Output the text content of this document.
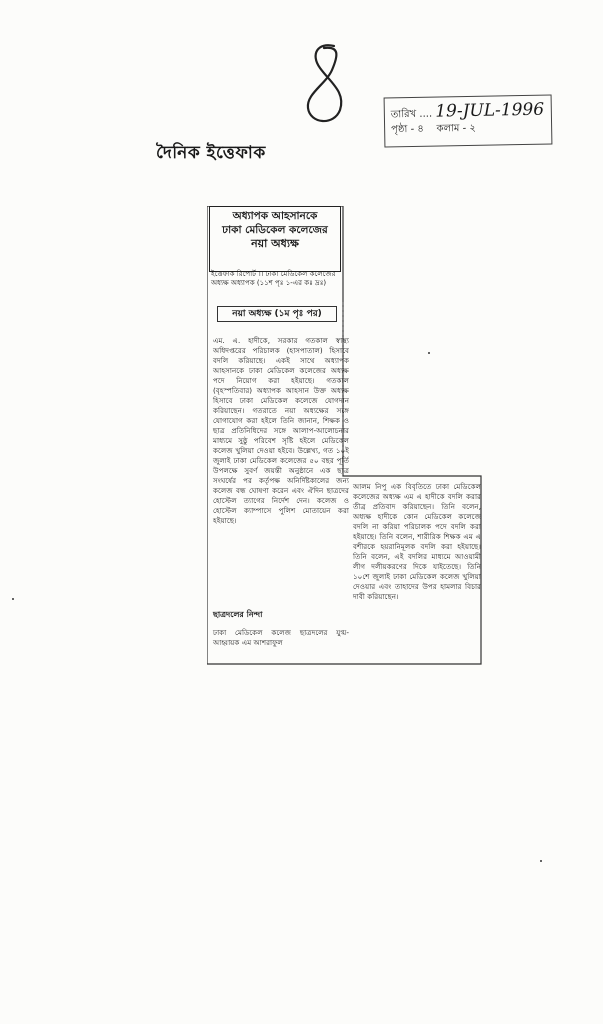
তারিখ .... 19-JUL-1996
পৃষ্ঠা - ৪ কলাম - ২
দৈনিক ইত্তেফাক
অধ্যাপক আহসানকে
ঢাকা মেডিকেল কলেজের
নয়া অধ্যক্ষ
ইত্তেফাক রিপোর্ট ।। ঢাকা মেডিকেল কলেজের অধ্যক্ষ অধ্যাপক (১১শ পৃঃ ১-এর কঃ দ্রঃ)
নয়া অধ্যক্ষ (১ম পৃঃ পর)

এম. এ. হাদীকে, সরকার গতকাল স্বাস্থ্য অধিদপ্তরের পরিচালক (হাসপাতাল) হিসাবে বদলি করিয়াছে। একই সাথে অধ্যাপক আহসানকে ঢাকা মেডিকেল কলেজের অধ্যক্ষ পদে নিয়োগ করা হইয়াছে। গতকাল (বৃহস্পতিবার) অধ্যাপক আহসান উক্ত অধ্যক্ষ হিসাবে ঢাকা মেডিকেল কলেজে যোগদান করিয়াছেন। গতরাতে নয়া অধ্যক্ষের সঙ্গে যোগাযোগ করা হইলে তিনি জানান, শিক্ষক ও ছাত্র প্রতিনিধিদের সঙ্গে আলাপ-আলোচনার মাধ্যমে সুষ্ঠু পরিবেশ সৃষ্টি হইলে মেডিকেল কলেজ খুলিয়া দেওয়া হইবে। উল্লেখ্য, গত ১০ই জুলাই ঢাকা মেডিকেল কলেজের ৫০ বছর পূর্তি উপলক্ষে সুবর্ণ জয়ন্তী অনুষ্ঠানে এক ছাত্র সংঘর্ষের পর কর্তৃপক্ষ অনির্দিষ্টকালের জন্য কলেজ বন্ধ ঘোষণা করেন এবং ঐদিন ছাত্রদের হোস্টেল ত্যাগের নির্দেশ দেন। কলেজ ও হোস্টেল ক্যাম্পাসে পুলিশ মোতায়েন করা হইয়াছে।

ছাত্রদলের নিন্দা

ঢাকা মেডিকেল কলেজ ছাত্রদলের যুগ্ম-আহ্বায়ক এম আশরাফুল

আলম নিপু এক বিবৃতিতে ঢাকা মেডিকেল কলেজের অধ্যক্ষ এম এ হাদীকে বদলি করার তীব্র প্রতিবাদ করিয়াছেন। তিনি বলেন, অধ্যক্ষ হাদীকে কোন মেডিকেল কলেজে বদলি না করিয়া পরিচালক পদে বদলি করা হইয়াছে। তিনি বলেন, শারীরিক শিক্ষক এম এ বশীরকে হয়রানিমূলক বদলি করা হইয়াছে। তিনি বলেন, এই বদলির মাধ্যমে আওয়ামী লীগ দলীয়করণের দিকে যাইতেছে। তিনি ১০শে জুলাই ঢাকা মেডিকেল কলেজ খুলিয়া দেওয়ার এবং তাহাদের উপর হামলার বিচার দাবী করিয়াছেন।
